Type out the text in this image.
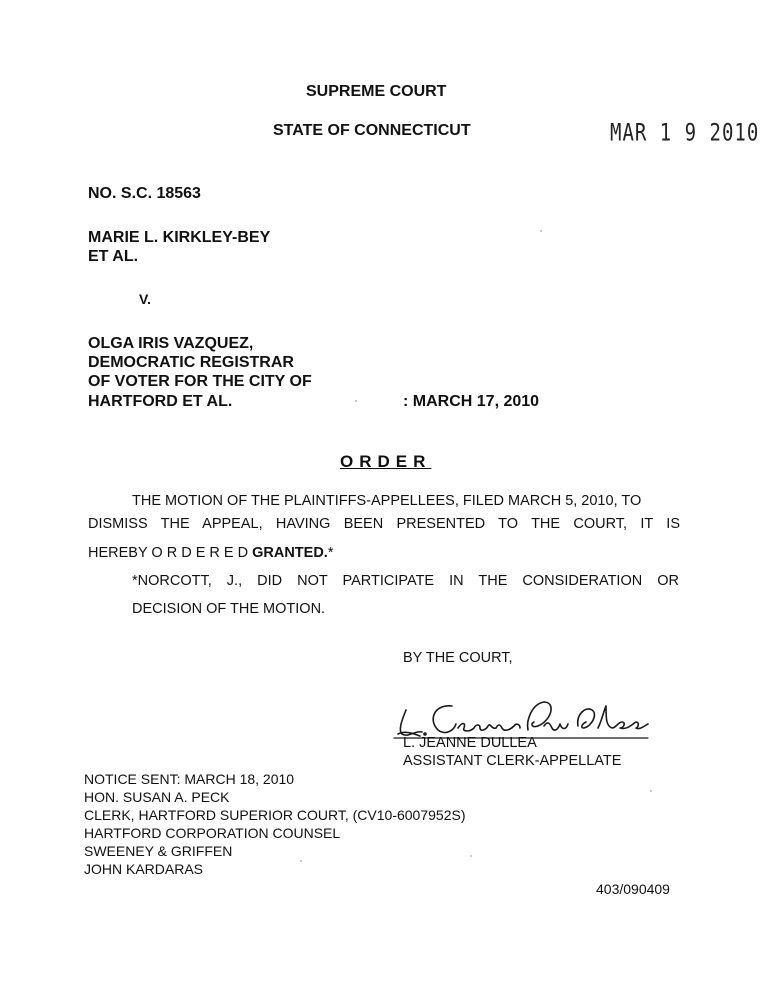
SUPREME COURT
STATE OF CONNECTICUT	MAR 1 9 2010
NO. S.C. 18563
MARIE L. KIRKLEY-BEY
ET AL.
V.
OLGA IRIS VAZQUEZ,
DEMOCRATIC REGISTRAR
OF VOTER FOR THE CITY OF
HARTFORD ET AL.	: MARCH 17, 2010
ORDER
THE MOTION OF THE PLAINTIFFS-APPELLEES, FILED MARCH 5, 2010, TO
DISMISS THE APPEAL, HAVING BEEN PRESENTED TO THE COURT, IT IS
HEREBY O R D E R E D GRANTED.*
*NORCOTT, J., DID NOT PARTICIPATE IN THE CONSIDERATION OR
DECISION OF THE MOTION.
BY THE COURT,
L. JEANNE DULLEA
ASSISTANT CLERK-APPELLATE
NOTICE SENT: MARCH 18, 2010
HON. SUSAN A. PECK
CLERK, HARTFORD SUPERIOR COURT, (CV10-6007952S)
HARTFORD CORPORATION COUNSEL
SWEENEY & GRIFFEN
JOHN KARDARAS
403/090409
